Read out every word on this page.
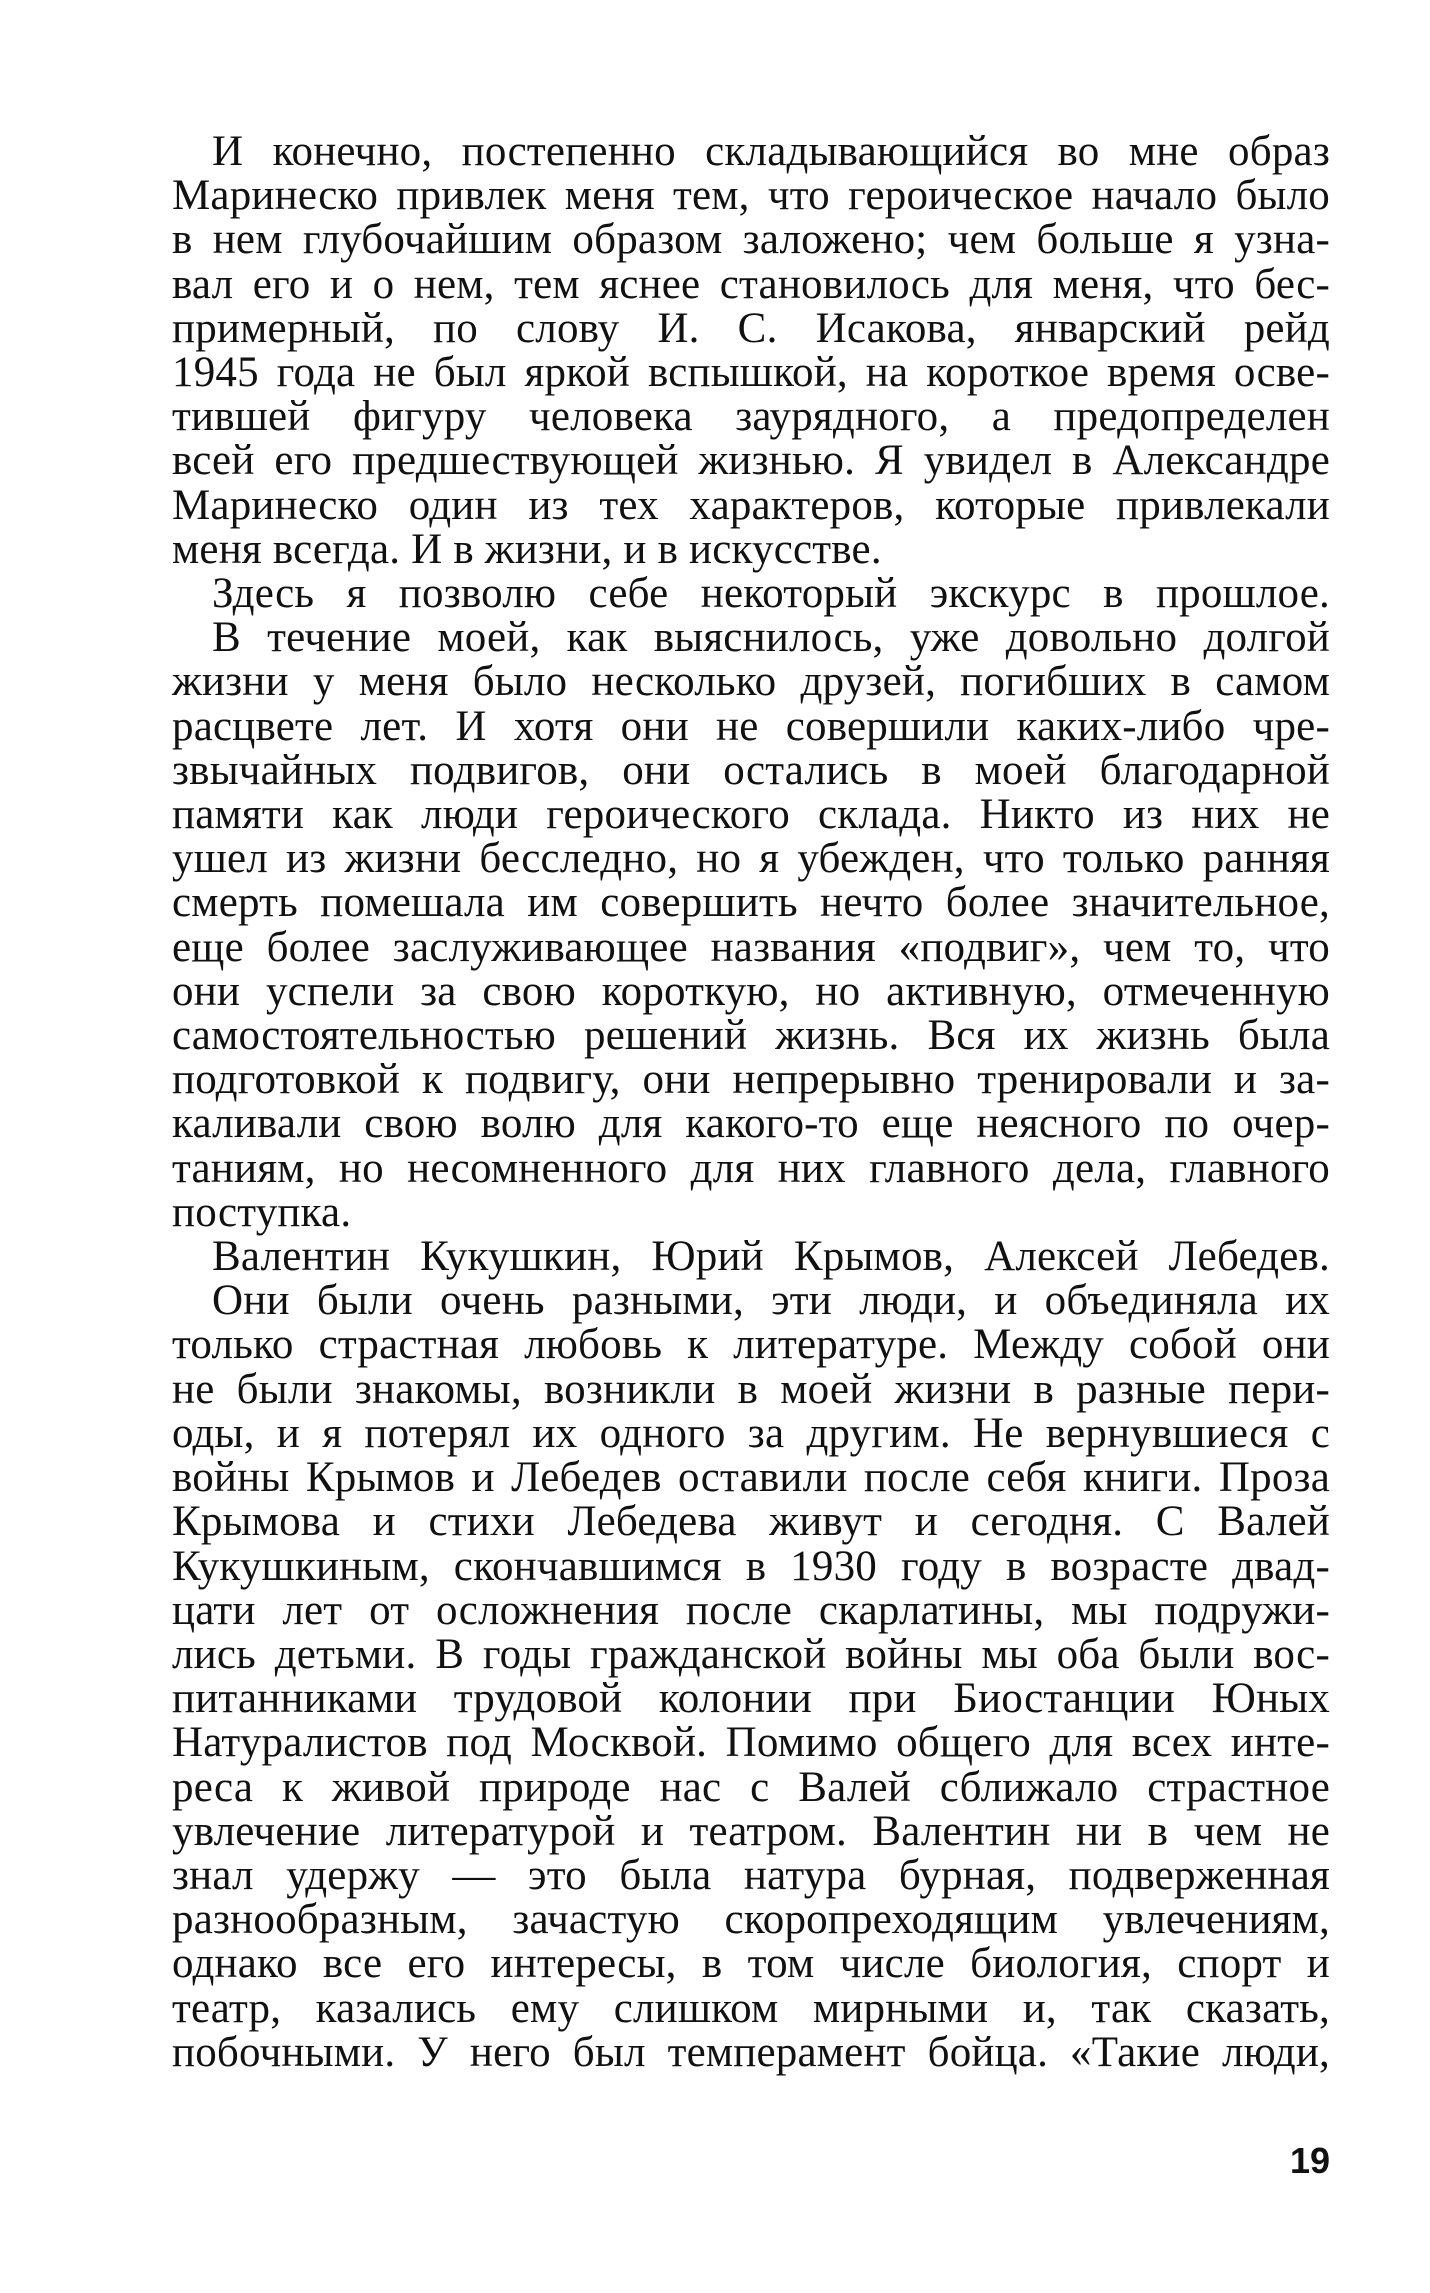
И конечно, постепенно складывающийся во мне образ
Маринеско привлек меня тем, что героическое начало было
в нем глубочайшим образом заложено; чем больше я узна-
вал его и о нем, тем яснее становилось для меня, что бес-
примерный, по слову И. С. Исакова, январский рейд
1945 года не был яркой вспышкой, на короткое время осве-
тившей фигуру человека заурядного, а предопределен
всей его предшествующей жизнью. Я увидел в Александре
Маринеско один из тех характеров, которые привлекали
меня всегда. И в жизни, и в искусстве.
Здесь я позволю себе некоторый экскурс в прошлое.
В течение моей, как выяснилось, уже довольно долгой
жизни у меня было несколько друзей, погибших в самом
расцвете лет. И хотя они не совершили каких-либо чре-
звычайных подвигов, они остались в моей благодарной
памяти как люди героического склада. Никто из них не
ушел из жизни бесследно, но я убежден, что только ранняя
смерть помешала им совершить нечто более значительное,
еще более заслуживающее названия «подвиг», чем то, что
они успели за свою короткую, но активную, отмеченную
самостоятельностью решений жизнь. Вся их жизнь была
подготовкой к подвигу, они непрерывно тренировали и за-
каливали свою волю для какого-то еще неясного по очер-
таниям, но несомненного для них главного дела, главного
поступка.
Валентин Кукушкин, Юрий Крымов, Алексей Лебедев.
Они были очень разными, эти люди, и объединяла их
только страстная любовь к литературе. Между собой они
не были знакомы, возникли в моей жизни в разные пери-
оды, и я потерял их одного за другим. Не вернувшиеся с
войны Крымов и Лебедев оставили после себя книги. Проза
Крымова и стихи Лебедева живут и сегодня. С Валей
Кукушкиным, скончавшимся в 1930 году в возрасте двад-
цати лет от осложнения после скарлатины, мы подружи-
лись детьми. В годы гражданской войны мы оба были вос-
питанниками трудовой колонии при Биостанции Юных
Натуралистов под Москвой. Помимо общего для всех инте-
реса к живой природе нас с Валей сближало страстное
увлечение литературой и театром. Валентин ни в чем не
знал удержу — это была натура бурная, подверженная
разнообразным, зачастую скоропреходящим увлечениям,
однако все его интересы, в том числе биология, спорт и
театр, казались ему слишком мирными и, так сказать,
побочными. У него был темперамент бойца. «Такие люди,
19
